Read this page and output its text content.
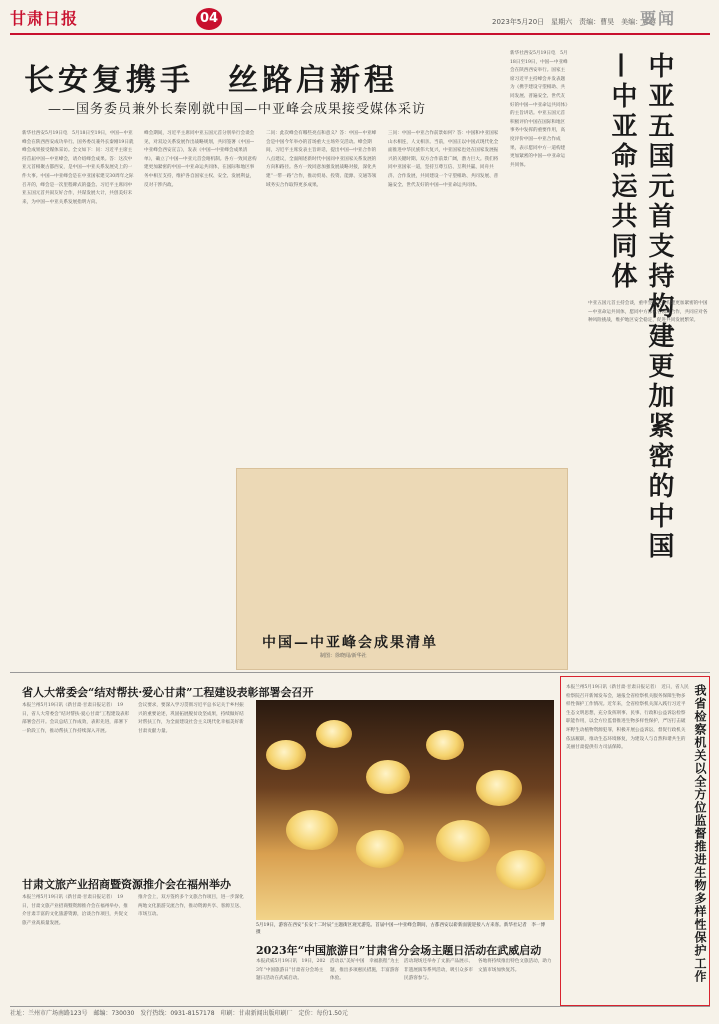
甘肃日报	04	2023年5月20日　星期六　责编：曹昊　美编：席蓉
要闻
长安复携手　丝路启新程
——国务委员兼外长秦刚就中国—中亚峰会成果接受媒体采访
新华社西安5月19日电　5月18日至19日，中国—中亚峰会在陕西西安成功举行。国务委员兼外长秦刚19日就峰会成果接受媒体采访。全文如下：问：习近平主席主持首届中国—中亚峰会，请介绍峰会成果。答：这次中亚元首相聚古都西安，是中国—中亚关系发展史上的一件大事。中国—中亚峰会是在中亚国家建交30周年之际召开的，峰会是一次里程碑式的盛会。习近平主席同中亚五国元首共叙友好合作，共谋发展大计，共创美好未来，为中国—中亚关系发展指明方向。
峰会期间，习近平主席同中亚五国元首分别举行会谈会见，对双边关系发展作出战略规划，共同签署《中国—中亚峰会西安宣言》，发表《中国—中亚峰会成果清单》，确立了中国—中亚元首会晤机制。各方一致同意构建更加紧密的中国—中亚命运共同体，在国际和地区事务中相互支持，维护各自国家主权、安全、发展利益，反对干涉内政。
二问：此次峰会有哪些亮点和意义？答：中国—中亚峰会是中国今年举办的首场重大主场外交活动。峰会期间，习近平主席发表主旨讲话，提出中国—中亚合作的八点建议，全面阐述新时代中国同中亚国家关系发展的方向和路径。各方一致同意加强发展战略对接，深化共建“一带一路”合作，推动贸易、投资、能源、交通等领域务实合作取得更多成果。
三问：中国—中亚合作前景如何？答：中国和中亚国家山水相连，人文相亲。当前，中国正以中国式现代化全面推进中华民族伟大复兴，中亚国家也处在国家发展振兴的关键时期。双方合作前景广阔，潜力巨大。我们将同中亚国家一道，坚持互尊互信、互利共赢、同舟共济、合作发展，共同建设一个守望相助、共同发展、普遍安全、世代友好的中国—中亚命运共同体。
新华社西安5月19日电　5月18日至19日，中国—中亚峰会在陕西西安举行。国家主席习近平主持峰会并发表题为《携手建设守望相助、共同发展、普遍安全、世代友好的中国—中亚命运共同体》的主旨讲话。中亚五国元首积极评价中国在国际和地区事务中发挥的重要作用，高度评价中国—中亚合作成果，表示愿同中方一道构建更加紧密的中国—中亚命运共同体。	中亚五国元首支持构建更加紧密的中国—中亚命运共同体
中亚五国元首主持会谈，重申坚定支持构建更加紧密的中国—中亚命运共同体，愿同中方深化各领域合作，共同应对各种风险挑战，维护地区安全稳定，促进共同发展繁荣。
中国—中亚峰会成果清单
制图：徐晓闻/新华社
省人大常委会“结对帮扶·爱心甘肃”工程建设表彰部署会召开
本报兰州5月19日讯（新甘肃·甘肃日报记者）　19日，省人大常委会“结对帮扶·爱心甘肃”工程建设表彰部署会召开。会议总结工作成效，表彰先进，部署下一阶段工作，推动帮扶工作持续深入开展。
会议要求，要深入学习贯彻习近平总书记关于乡村振兴的重要论述，巩固拓展脱贫攻坚成果，持续做好结对帮扶工作，为全面建设社会主义现代化幸福美好新甘肃贡献力量。
甘肃文旅产业招商暨资源推介会在福州举办
本报兰州5月19日讯（新甘肃·甘肃日报记者）　19日，甘肃文旅产业招商暨资源推介会在福州举办，推介甘肃丰富的文化旅游资源，洽谈合作项目，共促文旅产业高质量发展。
推介会上，双方签约多个文旅合作项目，进一步深化两地文化旅游交流合作，推动资源共享、客源互送、市场互动。
5月19日，游客在西安“长安十二时辰”主题街区观光游览。首届中国—中亚峰会期间，古都西安以崭新面貌迎接八方来客。新华社记者　李一博　摄
2023年“中国旅游日”甘肃省分会场主题日活动在武威启动
本报武威5月19日讯　19日，2023年“中国旅游日”甘肃省分会场主题日活动在武威启动。
活动以“美好中国　幸福旅程”为主题，推出多项惠民措施，丰富游客体验。
活动现场还举办了文旅产品展示、非遗展演等系列活动，吸引众多市民游客参与。
各地将持续推出特色文旅活动，助力文旅市场加快复苏。	我省检察机关以全方位监督推进生物多样性保护工作
本报兰州5月19日讯（新甘肃·甘肃日报记者）　近日，省人民检察院召开新闻发布会，通报全省检察机关服务保障生物多样性保护工作情况。近年来，全省检察机关深入践行习近平生态文明思想，充分发挥刑事、民事、行政和公益诉讼检察职能作用，以全方位监督推进生物多样性保护，严厉打击破坏野生动植物资源犯罪，积极开展公益诉讼，督促行政机关依法履职，推动生态环境修复，为建设人与自然和谐共生的美丽甘肃提供有力司法保障。
社址：兰州市广场南路123号　邮编：730030　发行热线：0931-8157178　印刷：甘肃新闻出版印刷厂　定价：每份1.50元
